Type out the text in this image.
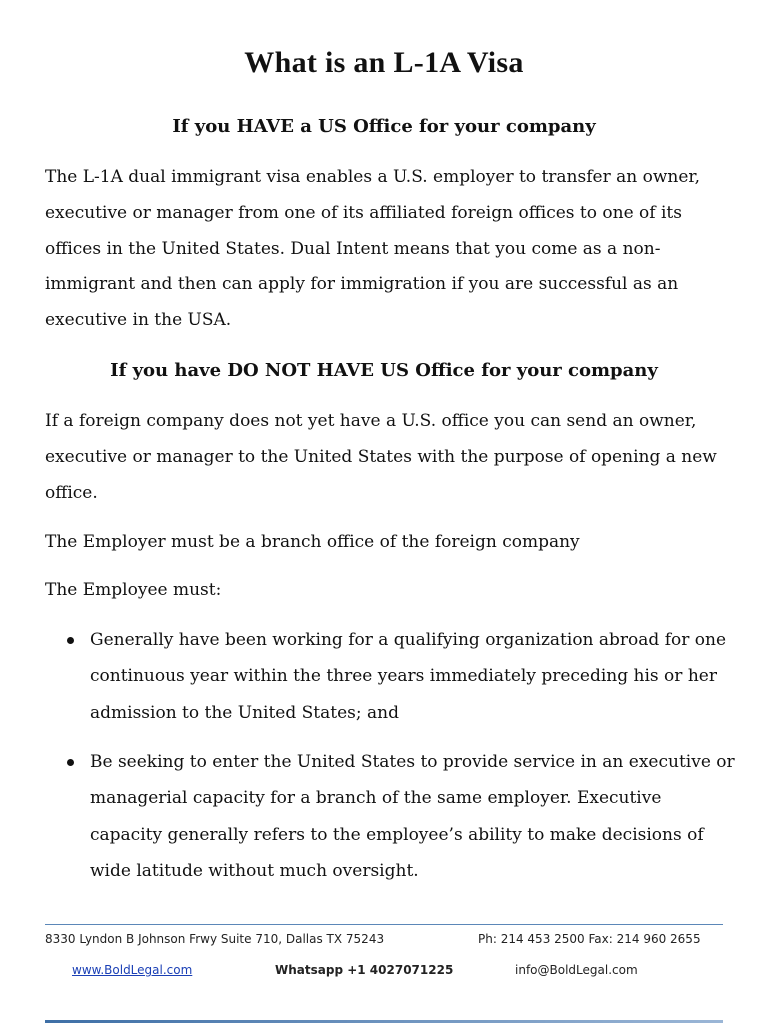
What is an L-1A Visa
If you HAVE a US Office for your company

The L-1A dual immigrant visa enables a U.S. employer to transfer an owner, executive or manager from one of its affiliated foreign offices to one of its offices in the United States. Dual Intent means that you come as a non-immigrant and then can apply for immigration if you are successful as an executive in the USA.

If you have DO NOT HAVE US Office for your company

If a foreign company does not yet have a U.S. office you can send an owner, executive or manager to the United States with the purpose of opening a new office.

The Employer must be a branch office of the foreign company

The Employee must:

Generally have been working for a qualifying organization abroad for one continuous year within the three years immediately preceding his or her admission to the United States; and
Be seeking to enter the United States to provide service in an executive or managerial capacity for a branch of the same employer. Executive capacity generally refers to the employee’s ability to make decisions of wide latitude without much oversight.
8330 Lyndon B Johnson Frwy Suite 710, Dallas TX 75243	Ph: 214 453 2500 Fax: 214 960 2655
www.BoldLegal.com	Whatsapp +1 4027071225	info@BoldLegal.com
